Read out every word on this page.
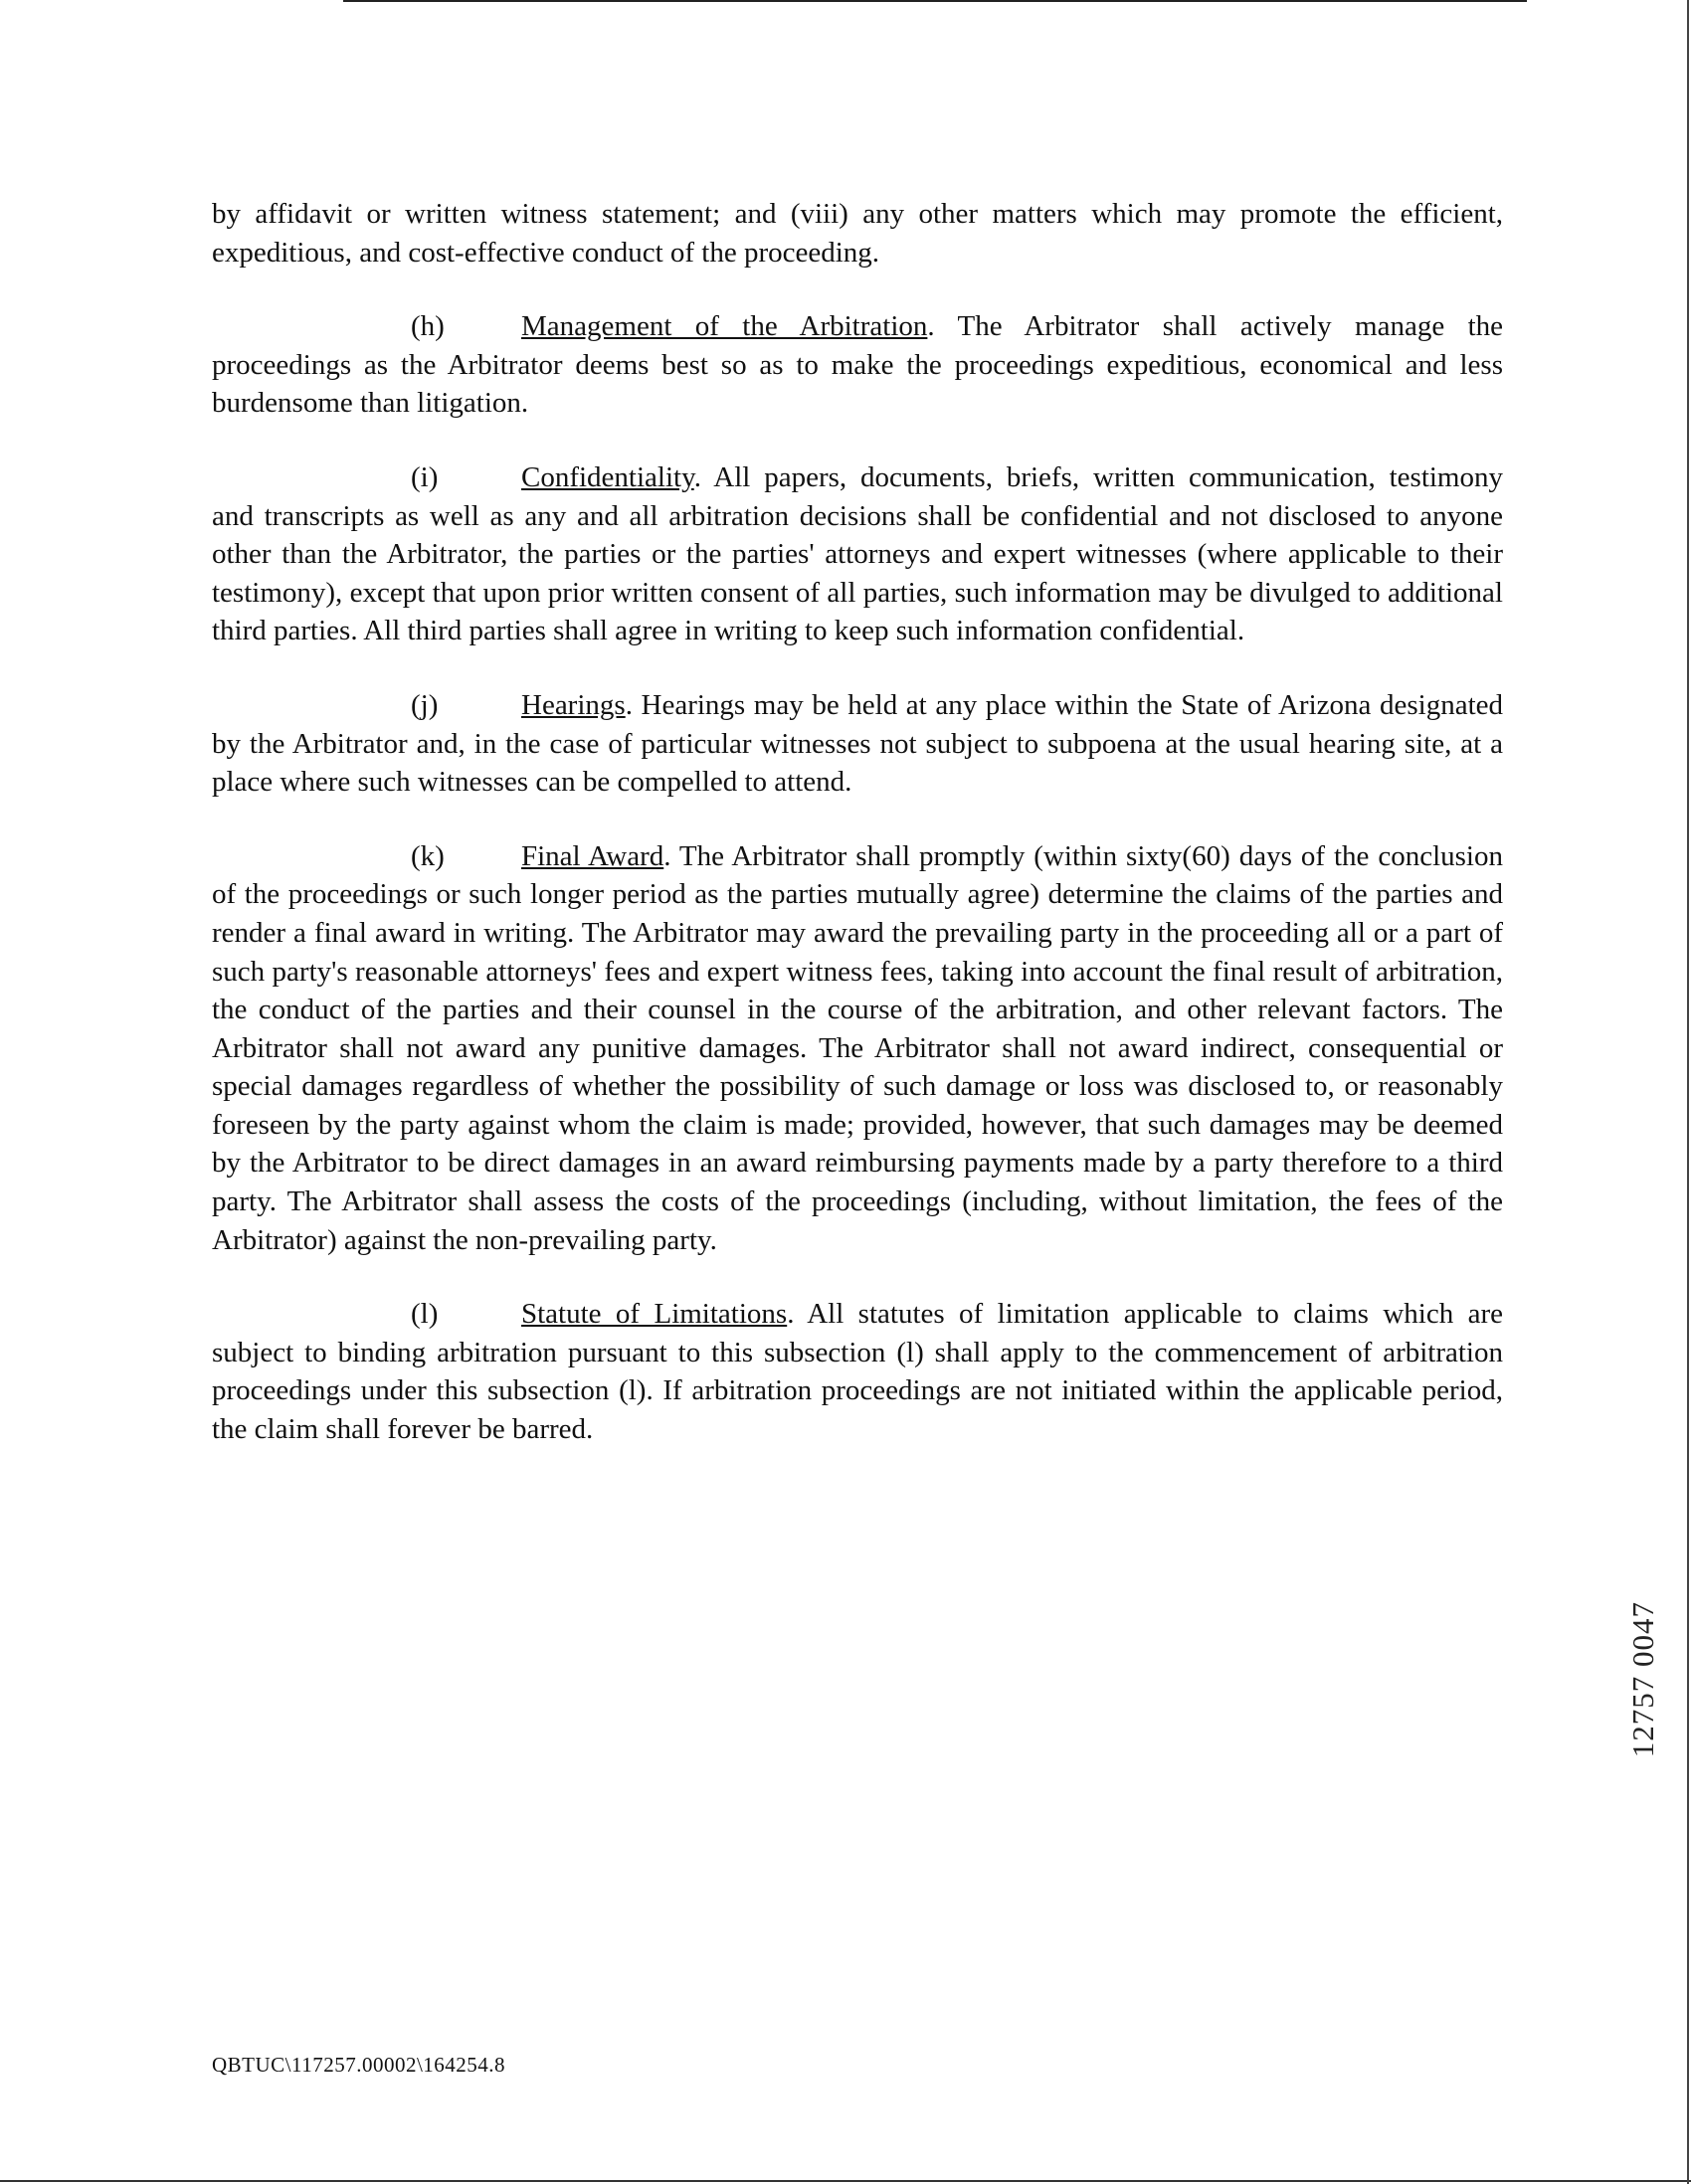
by affidavit or written witness statement; and (viii) any other matters which may promote the efficient, expeditious, and cost-effective conduct of the proceeding.

(h)	Management of the Arbitration. The Arbitrator shall actively manage the proceedings as the Arbitrator deems best so as to make the proceedings expeditious, economical and less burdensome than litigation.

(i)	Confidentiality. All papers, documents, briefs, written communication, testimony and transcripts as well as any and all arbitration decisions shall be confidential and not disclosed to anyone other than the Arbitrator, the parties or the parties' attorneys and expert witnesses (where applicable to their testimony), except that upon prior written consent of all parties, such information may be divulged to additional third parties. All third parties shall agree in writing to keep such information confidential.

(j)	Hearings. Hearings may be held at any place within the State of Arizona designated by the Arbitrator and, in the case of particular witnesses not subject to subpoena at the usual hearing site, at a place where such witnesses can be compelled to attend.

(k)	Final Award. The Arbitrator shall promptly (within sixty(60) days of the conclusion of the proceedings or such longer period as the parties mutually agree) determine the claims of the parties and render a final award in writing. The Arbitrator may award the prevailing party in the proceeding all or a part of such party's reasonable attorneys' fees and expert witness fees, taking into account the final result of arbitration, the conduct of the parties and their counsel in the course of the arbitration, and other relevant factors. The Arbitrator shall not award any punitive damages. The Arbitrator shall not award indirect, consequential or special damages regardless of whether the possibility of such damage or loss was disclosed to, or reasonably foreseen by the party against whom the claim is made; provided, however, that such damages may be deemed by the Arbitrator to be direct damages in an award reimbursing payments made by a party therefore to a third party. The Arbitrator shall assess the costs of the proceedings (including, without limitation, the fees of the Arbitrator) against the non-prevailing party.

(l)	Statute of Limitations. All statutes of limitation applicable to claims which are subject to binding arbitration pursuant to this subsection (l) shall apply to the commencement of arbitration proceedings under this subsection (l). If arbitration proceedings are not initiated within the applicable period, the claim shall forever be barred.

12757 0047
QBTUC\117257.00002\164254.8
